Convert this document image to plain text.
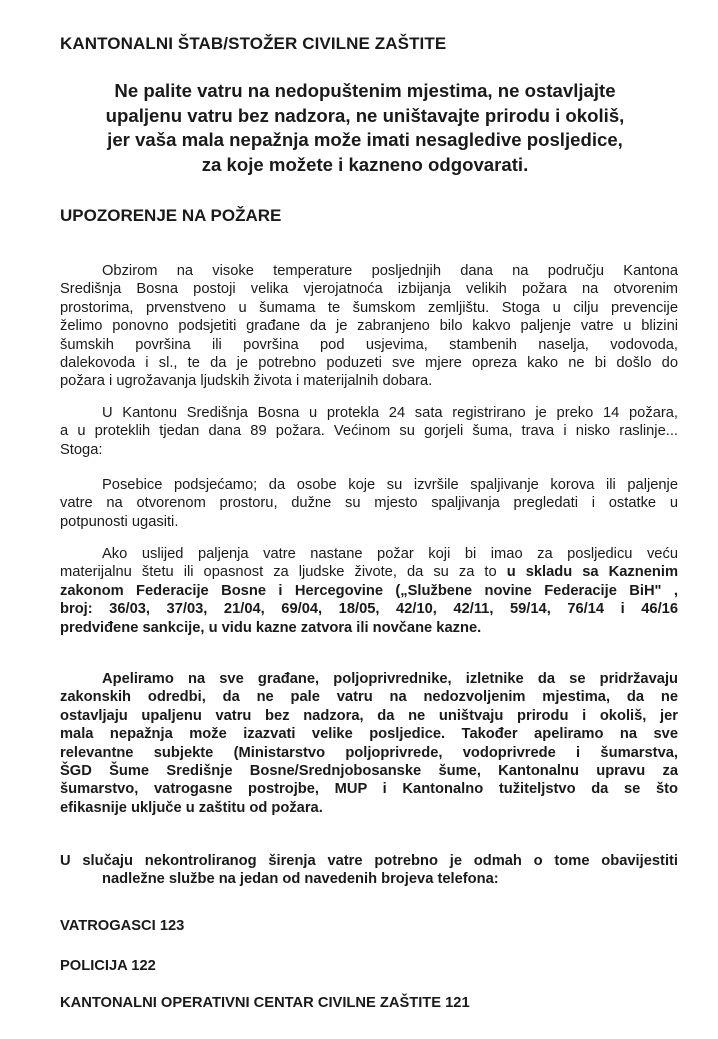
KANTONALNI ŠTAB/STOŽER CIVILNE ZAŠTITE
Ne palite vatru na nedopuštenim mjestima, ne ostavljajte
upaljenu vatru bez nadzora, ne uništavajte prirodu i okoliš,
jer vaša mala nepažnja može imati nesagledive posljedice,
za koje možete i kazneno odgovarati.
UPOZORENJE NA POŽARE
Obzirom na visoke temperature posljednjih dana na području Kantona
Središnja Bosna postoji velika vjerojatnoća izbijanja velikih požara na otvorenim
prostorima, prvenstveno u šumama te šumskom zemljištu. Stoga u cilju prevencije
želimo ponovno podsjetiti građane da je zabranjeno bilo kakvo paljenje vatre u blizini
šumskih površina ili površina pod usjevima, stambenih naselja, vodovoda,
dalekovoda i sl., te da je potrebno poduzeti sve mjere opreza kako ne bi došlo do
požara i ugrožavanja ljudskih života i materijalnih dobara.
U Kantonu Središnja Bosna u protekla 24 sata registrirano je preko 14 požara,
a u proteklih tjedan dana 89 požara. Većinom su gorjeli šuma, trava i nisko raslinje...
Stoga:
Posebice podsjećamo; da osobe koje su izvršile spaljivanje korova ili paljenje
vatre na otvorenom prostoru, dužne su mjesto spaljivanja pregledati i ostatke u
potpunosti ugasiti.
Ako uslijed paljenja vatre nastane požar koji bi imao za posljedicu veću
materijalnu štetu ili opasnost za ljudske živote, da su za to u skladu sa Kaznenim
zakonom Federacije Bosne i Hercegovine („Službene novine Federacije BiH" ,
broj: 36/03, 37/03, 21/04, 69/04, 18/05, 42/10, 42/11, 59/14, 76/14 i 46/16
predviđene sankcije, u vidu kazne zatvora ili novčane kazne.
Apeliramo na sve građane, poljoprivrednike, izletnike da se pridržavaju
zakonskih odredbi, da ne pale vatru na nedozvoljenim mjestima, da ne
ostavljaju upaljenu vatru bez nadzora, da ne uništvaju prirodu i okoliš, jer
mala nepažnja može izazvati velike posljedice. Također apeliramo na sve
relevantne subjekte (Ministarstvo poljoprivrede, vodoprivrede i šumarstva,
ŠGD Šume Središnje Bosne/Srednjobosanske šume, Kantonalnu upravu za
šumarstvo, vatrogasne postrojbe, MUP i Kantonalno tužiteljstvo da se što
efikasnije uključe u zaštitu od požara.
U slučaju nekontroliranog širenja vatre potrebno je odmah o tome obavijestiti
nadležne službe na jedan od navedenih brojeva telefona:
VATROGASCI 123
POLICIJA 122
KANTONALNI OPERATIVNI CENTAR CIVILNE ZAŠTITE 121
